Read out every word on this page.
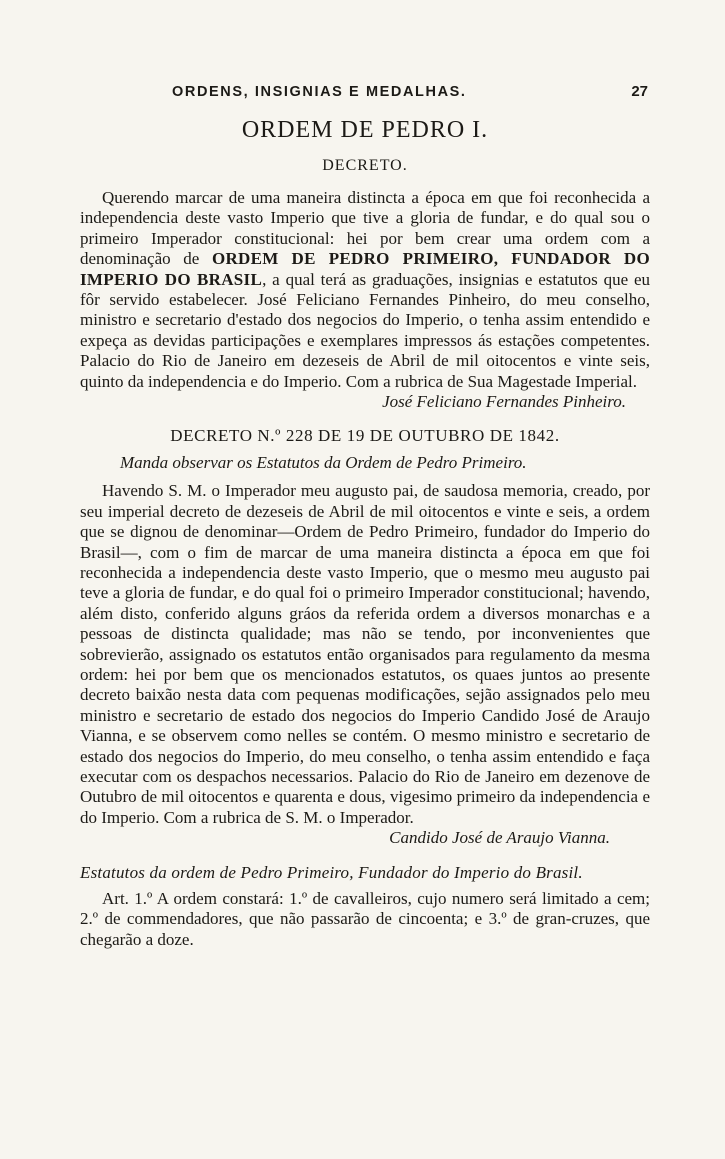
ORDENS, INSIGNIAS E MEDALHAS.	27
ORDEM DE PEDRO I.
DECRETO.

Querendo marcar de uma maneira distincta a época em que foi reconhecida a independencia deste vasto Imperio que tive a gloria de fundar, e do qual sou o primeiro Imperador constitucional: hei por bem crear uma ordem com a denominação de ORDEM DE PEDRO PRIMEIRO, FUNDADOR DO IMPERIO DO BRASIL, a qual terá as graduações, insignias e estatutos que eu fôr servido estabelecer. José Feliciano Fernandes Pinheiro, do meu conselho, ministro e secretario d'estado dos negocios do Imperio, o tenha assim entendido e expeça as devidas participações e exemplares impressos ás estações competentes. Palacio do Rio de Janeiro em dezeseis de Abril de mil oitocentos e vinte seis, quinto da independencia e do Imperio. Com a rubrica de Sua Magestade Imperial.

José Feliciano Fernandes Pinheiro.
DECRETO N.º 228 DE 19 DE OUTUBRO DE 1842.
Manda observar os Estatutos da Ordem de Pedro Primeiro.

Havendo S. M. o Imperador meu augusto pai, de saudosa memoria, creado, por seu imperial decreto de dezeseis de Abril de mil oitocentos e vinte e seis, a ordem que se dignou de denominar—Ordem de Pedro Primeiro, fundador do Imperio do Brasil—, com o fim de marcar de uma maneira distincta a época em que foi reconhecida a independencia deste vasto Imperio, que o mesmo meu augusto pai teve a gloria de fundar, e do qual foi o primeiro Imperador constitucional; havendo, além disto, conferido alguns gráos da referida ordem a diversos monarchas e a pessoas de distincta qualidade; mas não se tendo, por inconvenientes que sobrevierão, assignado os estatutos então organisados para regulamento da mesma ordem: hei por bem que os mencionados estatutos, os quaes juntos ao presente decreto baixão nesta data com pequenas modificações, sejão assignados pelo meu ministro e secretario de estado dos negocios do Imperio Candido José de Araujo Vianna, e se observem como nelles se contém. O mesmo ministro e secretario de estado dos negocios do Imperio, do meu conselho, o tenha assim entendido e faça executar com os despachos necessarios. Palacio do Rio de Janeiro em dezenove de Outubro de mil oitocentos e quarenta e dous, vigesimo primeiro da independencia e do Imperio. Com a rubrica de S. M. o Imperador.

Candido José de Araujo Vianna.
Estatutos da ordem de Pedro Primeiro, Fundador do Imperio do Brasil.

Art. 1.º A ordem constará: 1.º de cavalleiros, cujo numero será limitado a cem; 2.º de commendadores, que não passarão de cincoenta; e 3.º de gran-cruzes, que chegarão a doze.
